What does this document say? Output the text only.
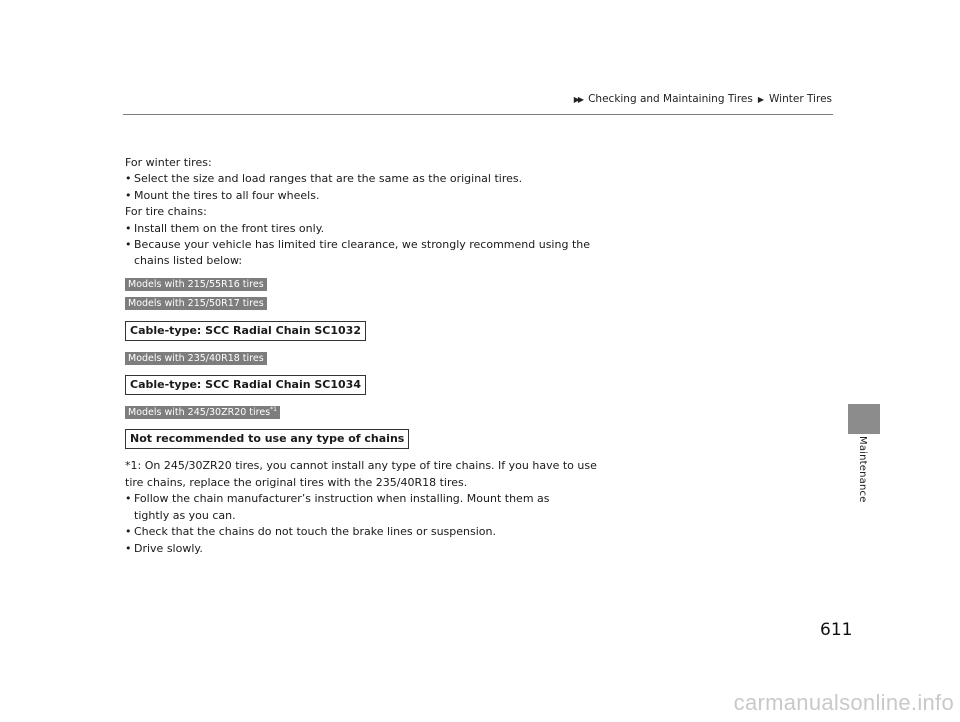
▶▶ Checking and Maintaining Tires ▶ Winter Tires
Maintenance
For winter tires:
• Select the size and load ranges that are the same as the original tires.
• Mount the tires to all four wheels.
For tire chains:
• Install them on the front tires only.
• Because your vehicle has limited tire clearance, we strongly recommend using the
chains listed below:
Models with 215/55R16 tires
Models with 215/50R17 tires
Cable-type: SCC Radial Chain SC1032
Models with 235/40R18 tires
Cable-type: SCC Radial Chain SC1034
Models with 245/30ZR20 tires$^{*1}$
Not recommended to use any type of chains
*1: On 245/30ZR20 tires, you cannot install any type of tire chains. If you have to use
tire chains, replace the original tires with the 235/40R18 tires.
• Follow the chain manufacturer’s instruction when installing. Mount them as
tightly as you can.
• Check that the chains do not touch the brake lines or suspension.
• Drive slowly.
611
carmanualsonline.info
